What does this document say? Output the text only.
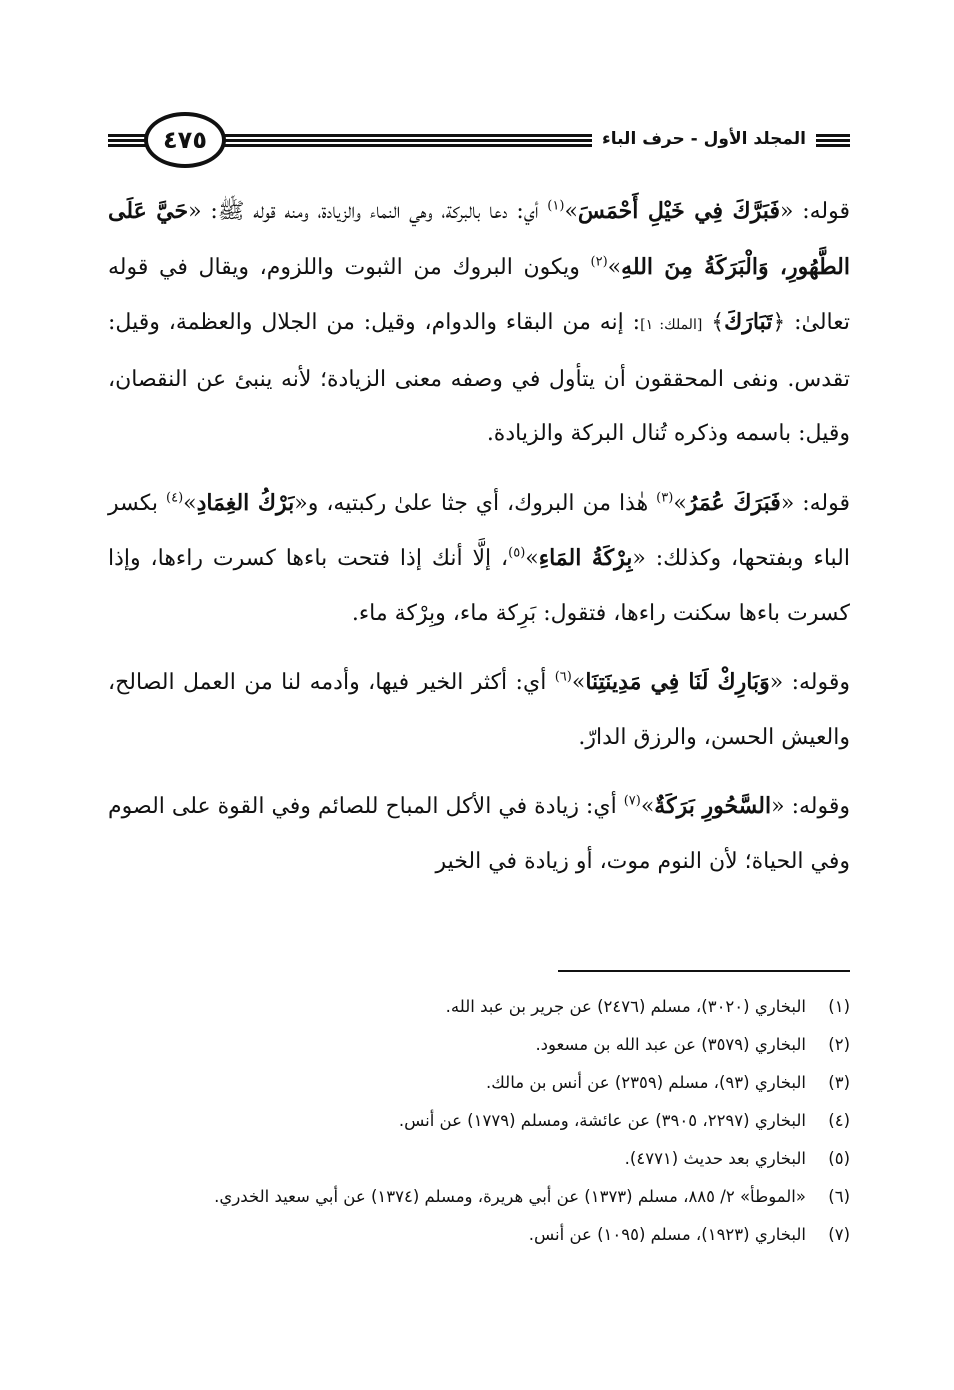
٤٧٥	المجلد الأول - حرف الباء

قوله: «فَبَرَّكَ فِي خَيْلِ أَحْمَسَ»$^{(١)}$ أي: دعا بالبركة، وهي النماء والزيادة، ومنه قوله ﷺ: «حَيَّ عَلَى الطَّهُورِ، وَالْبَرَكَةُ مِنَ اللهِ»$^{(٢)}$ ويكون البروك من الثبوت واللزوم، ويقال في قوله تعالىٰ: ﴿تَبَارَكَ﴾ [الملك: ١]: إنه من البقاء والدوام، وقيل: من الجلال والعظمة، وقيل: تقدس. ونفى المحققون أن يتأول في وصفه معنى الزيادة؛ لأنه ينبئ عن النقصان، وقيل: باسمه وذكره تُنال البركة والزيادة.

قوله: «فَبَرَكَ عُمَرُ»$^{(٣)}$ هٰذا من البروك، أي جثا علىٰ ركبتيه، و«بَرْكُ الغِمَادِ»$^{(٤)}$ بكسر الباء وبفتحها، وكذلك: «بِرْكَةُ المَاءِ»$^{(٥)}$، إلَّا أنك إذا فتحت باءها كسرت راءها، وإذا كسرت باءها سكنت راءها، فتقول: بَرِكة ماء، وبِرْكة ماء.

وقوله: «وَبَارِكْ لَنَا فِي مَدِينَتِنَا»$^{(٦)}$ أي: أكثر الخير فيها، وأدمه لنا من العمل الصالح، والعيش الحسن، والرزق الدارّ.

وقوله: «السَّحُورِ بَرَكَةٌ»$^{(٧)}$ أي: زيادة في الأكل المباح للصائم وفي القوة على الصوم وفي الحياة؛ لأن النوم موت، أو زيادة في الخير

(١)
البخاري (٣٠٢٠)، مسلم (٢٤٧٦) عن جرير بن عبد الله.
(٢)
البخاري (٣٥٧٩) عن عبد الله بن مسعود.
(٣)
البخاري (٩٣)، مسلم (٢٣٥٩) عن أنس بن مالك.
(٤)
البخاري (٢٢٩٧، ٣٩٠٥) عن عائشة، ومسلم (١٧٧٩) عن أنس.
(٥)
البخاري بعد حديث (٤٧٧١).
(٦)
«الموطأ» ٢/ ٨٨٥، مسلم (١٣٧٣) عن أبي هريرة، ومسلم (١٣٧٤) عن أبي سعيد الخدري.
(٧)
البخاري (١٩٢٣)، مسلم (١٠٩٥) عن أنس.
